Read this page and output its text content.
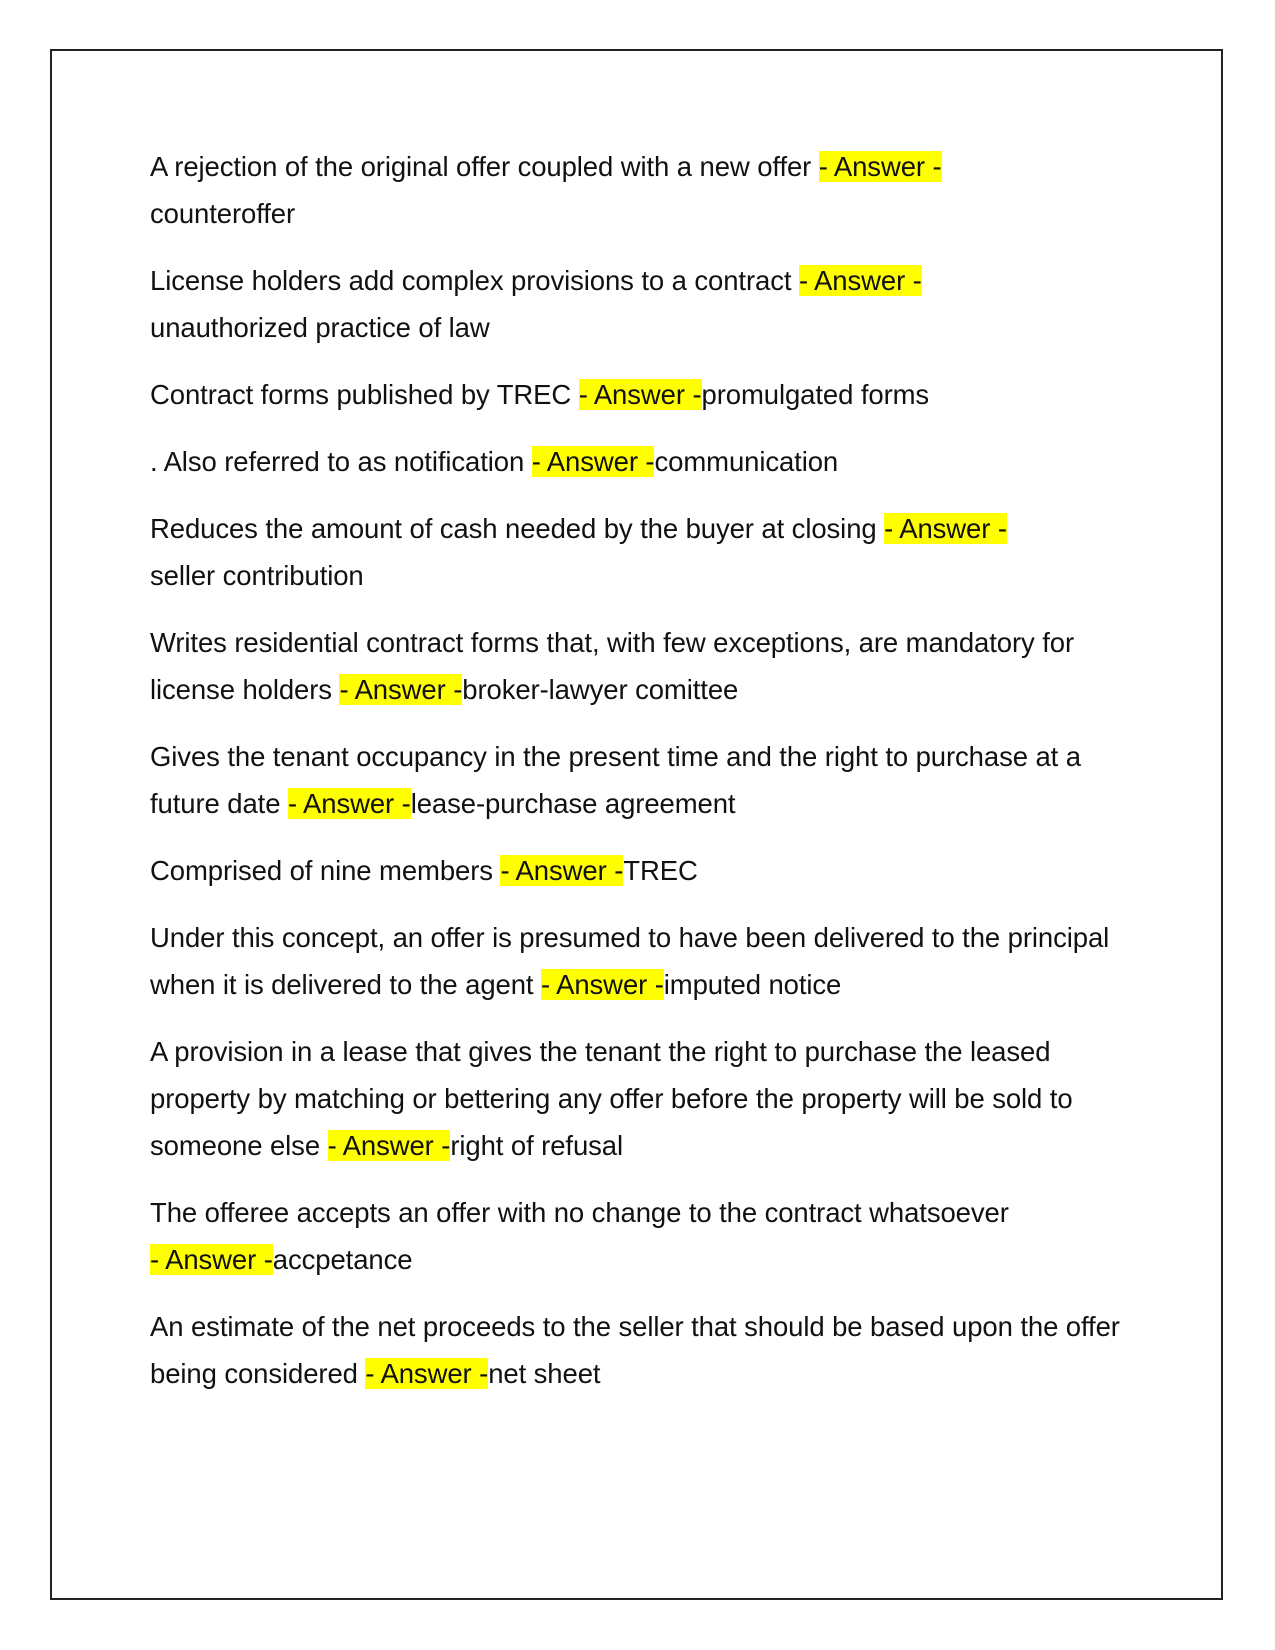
A rejection of the original offer coupled with a new offer - Answer -
counteroffer
License holders add complex provisions to a contract - Answer -
unauthorized practice of law
Contract forms published by TREC - Answer -promulgated forms
. Also referred to as notification - Answer -communication
Reduces the amount of cash needed by the buyer at closing - Answer -
seller contribution
Writes residential contract forms that, with few exceptions, are mandatory for license holders - Answer -broker-lawyer comittee
Gives the tenant occupancy in the present time and the right to purchase at a future date - Answer -lease-purchase agreement
Comprised of nine members - Answer -TREC
Under this concept, an offer is presumed to have been delivered to the principal when it is delivered to the agent - Answer -imputed notice
A provision in a lease that gives the tenant the right to purchase the leased property by matching or bettering any offer before the property will be sold to someone else - Answer -right of refusal
The offeree accepts an offer with no change to the contract whatsoever
- Answer -accpetance
An estimate of the net proceeds to the seller that should be based upon the offer being considered - Answer -net sheet
